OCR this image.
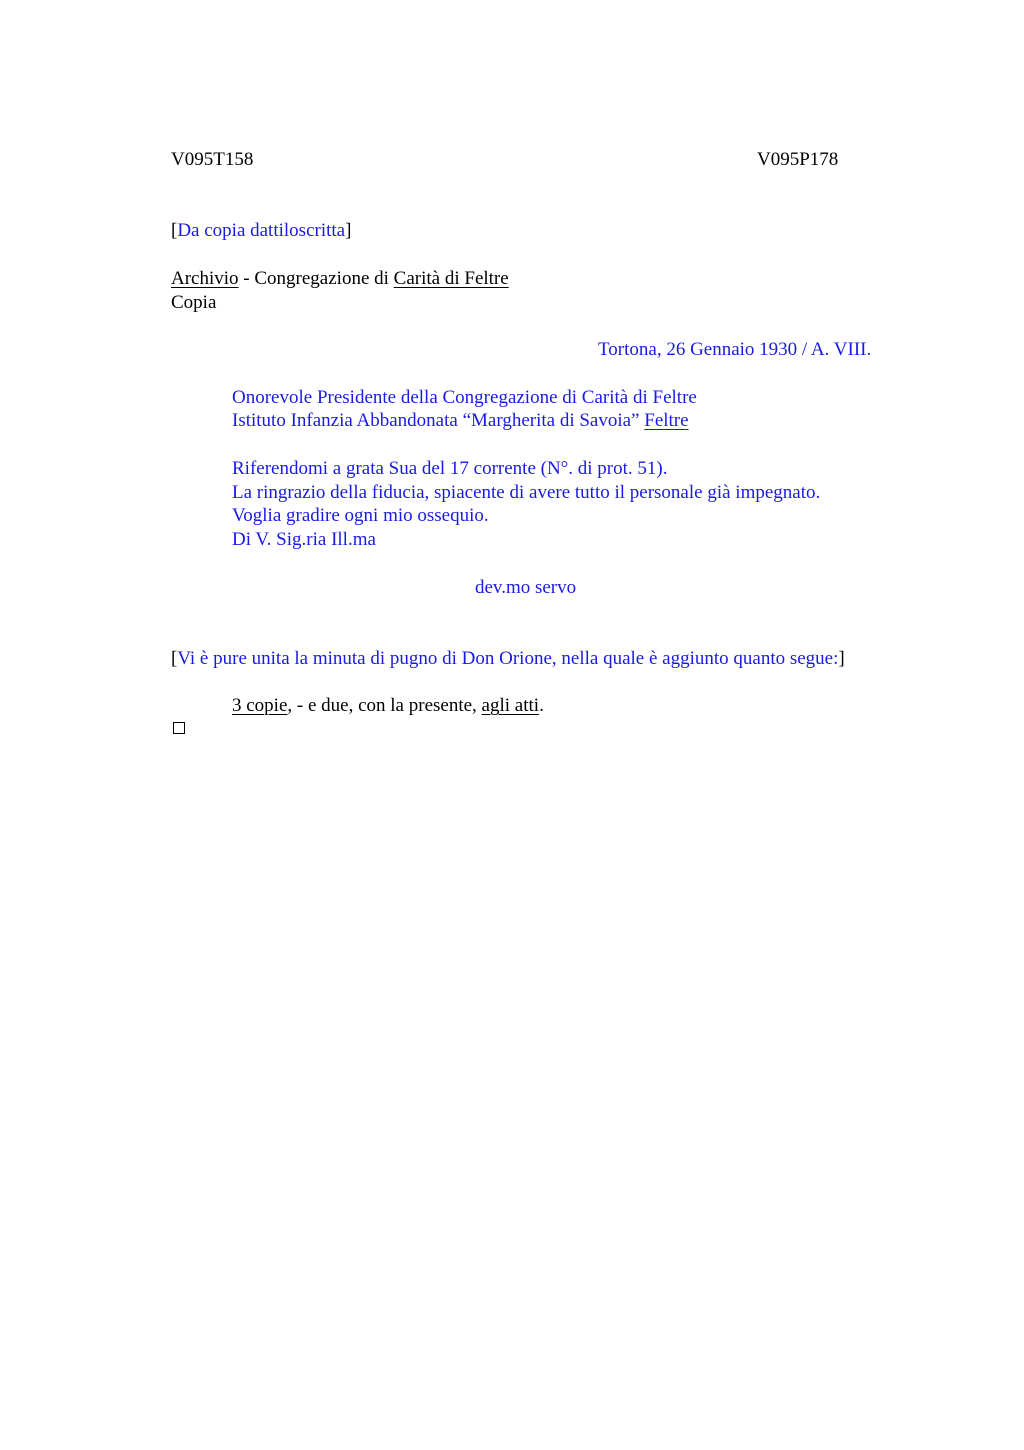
V095T158	V095P178
[Da copia dattiloscritta]
Archivio - Congregazione di Carità di Feltre
Copia
Tortona, 26 Gennaio 1930 / A. VIII.
Onorevole Presidente della Congregazione di Carità di Feltre
Istituto Infanzia Abbandonata “Margherita di Savoia” Feltre
Riferendomi a grata Sua del 17 corrente (N°. di prot. 51).
La ringrazio della fiducia, spiacente di avere tutto il personale già impegnato.
Voglia gradire ogni mio ossequio.
Di V. Sig.ria Ill.ma
dev.mo servo
[Vi è pure unita la minuta di pugno di Don Orione, nella quale è aggiunto quanto segue:]
3 copie, - e due, con la presente, agli atti.
